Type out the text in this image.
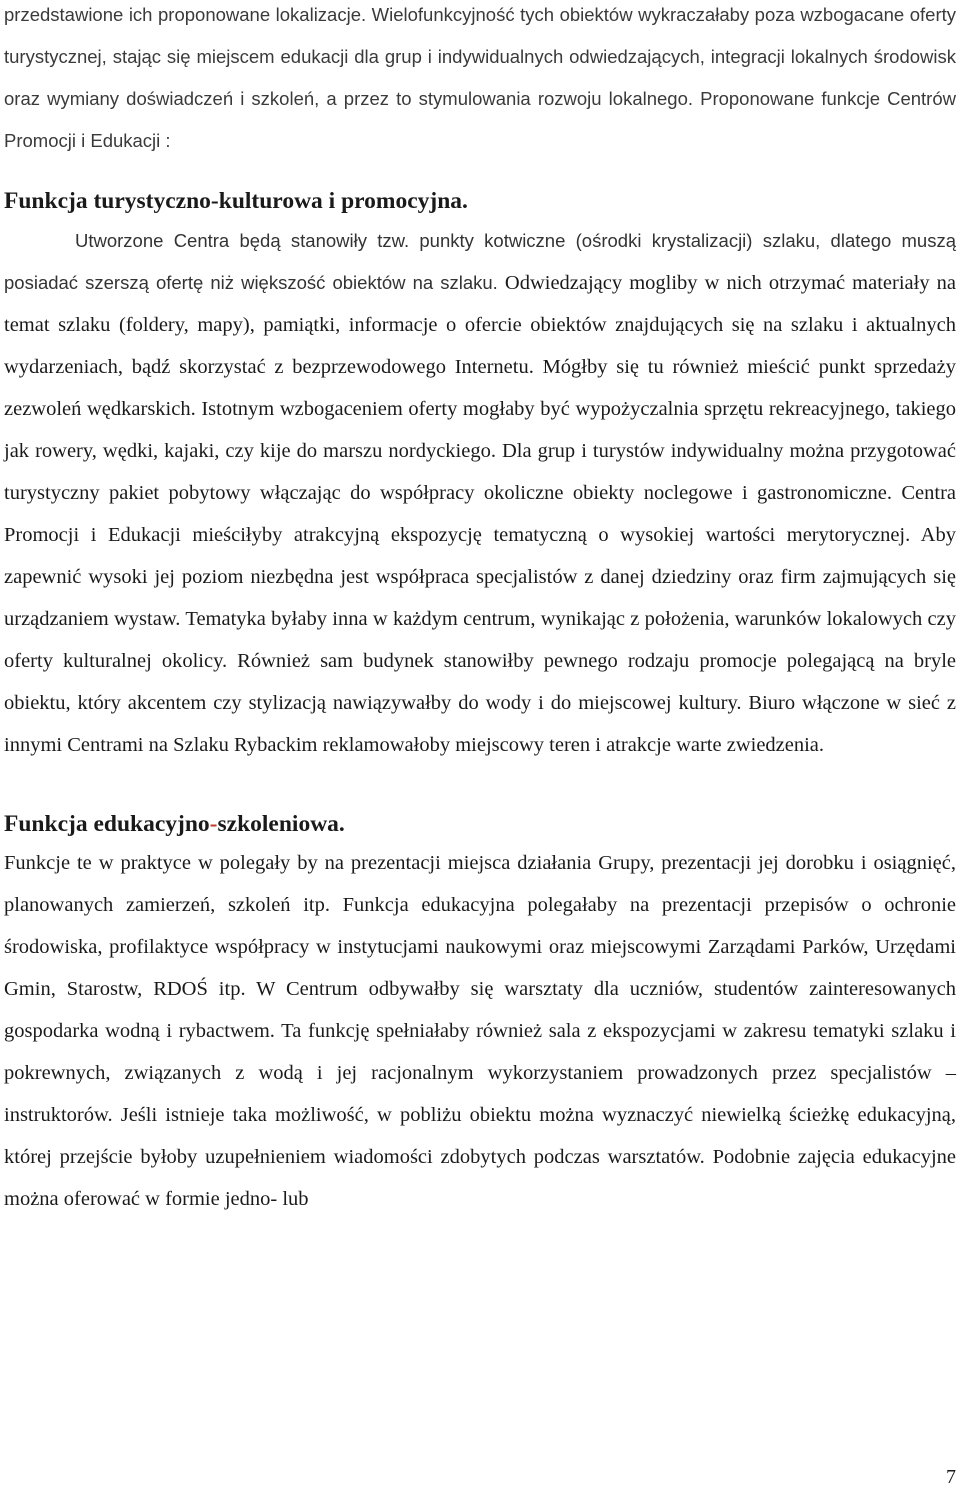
przedstawione ich proponowane lokalizacje. Wielofunkcyjność tych obiektów wykraczałaby poza wzbogacane oferty turystycznej, stając się miejscem edukacji dla grup i indywidualnych odwiedzających, integracji lokalnych środowisk oraz wymiany doświadczeń i szkoleń, a przez to stymulowania rozwoju lokalnego. Proponowane funkcje Centrów Promocji i Edukacji :

Funkcja turystyczno-kulturowa i promocyjna.

Utworzone Centra będą stanowiły tzw. punkty kotwiczne (ośrodki krystalizacji) szlaku, dlatego muszą posiadać szerszą ofertę niż większość obiektów na szlaku. Odwiedzający mogliby w nich otrzymać materiały na temat szlaku (foldery, mapy), pamiątki, informacje o ofercie obiektów znajdujących się na szlaku i aktualnych wydarzeniach, bądź skorzystać z bezprzewodowego Internetu. Mógłby się tu również mieścić punkt sprzedaży zezwoleń wędkarskich. Istotnym wzbogaceniem oferty mogłaby być wypożyczalnia sprzętu rekreacyjnego, takiego jak rowery, wędki, kajaki, czy kije do marszu nordyckiego. Dla grup i turystów indywidualny można przygotować turystyczny pakiet pobytowy włączając do współpracy okoliczne obiekty noclegowe i gastronomiczne. Centra Promocji i Edukacji mieściłyby atrakcyjną ekspozycję tematyczną o wysokiej wartości merytorycznej. Aby zapewnić wysoki jej poziom niezbędna jest współpraca specjalistów z danej dziedziny oraz firm zajmujących się urządzaniem wystaw. Tematyka byłaby inna w każdym centrum, wynikając z położenia, warunków lokalowych czy oferty kulturalnej okolicy. Również sam budynek stanowiłby pewnego rodzaju promocje polegającą na bryle obiektu, który akcentem czy stylizacją nawiązywałby do wody i do miejscowej kultury. Biuro włączone w sieć z innymi Centrami na Szlaku Rybackim reklamowałoby miejscowy teren i atrakcje warte zwiedzenia.

Funkcja edukacyjno-szkoleniowa.

Funkcje te w praktyce w polegały by na prezentacji miejsca działania Grupy, prezentacji jej dorobku i osiągnięć, planowanych zamierzeń, szkoleń itp. Funkcja edukacyjna polegałaby na prezentacji przepisów o ochronie środowiska, profilaktyce współpracy w instytucjami naukowymi oraz miejscowymi Zarządami Parków, Urzędami Gmin, Starostw, RDOŚ itp. W Centrum odbywałby się warsztaty dla uczniów, studentów zainteresowanych gospodarka wodną i rybactwem. Ta funkcję spełniałaby również sala z ekspozycjami w zakresu tematyki szlaku i pokrewnych, związanych z wodą i jej racjonalnym wykorzystaniem prowadzonych przez specjalistów – instruktorów. Jeśli istnieje taka możliwość, w pobliżu obiektu można wyznaczyć niewielką ścieżkę edukacyjną, której przejście byłoby uzupełnieniem wiadomości zdobytych podczas warsztatów. Podobnie zajęcia edukacyjne można oferować w formie jedno- lub

7
